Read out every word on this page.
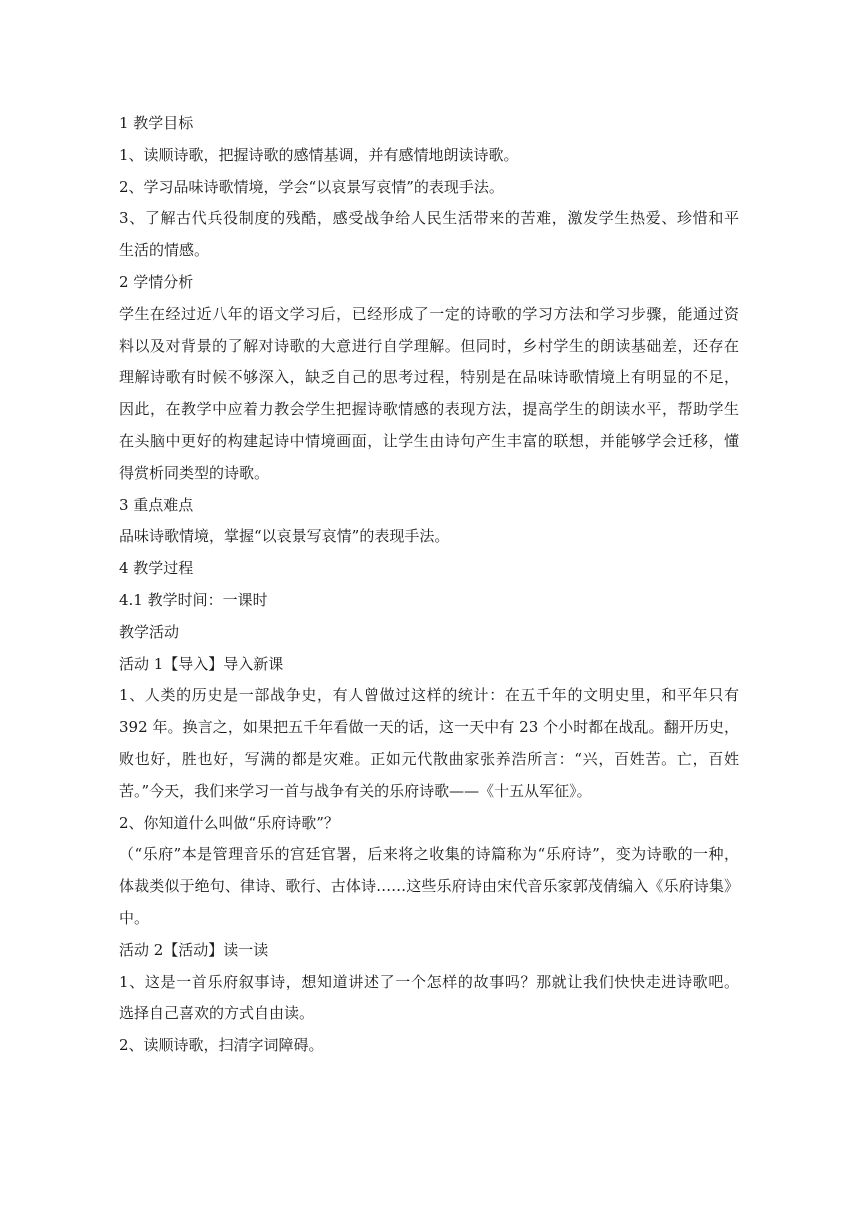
1 教学目标

1、读顺诗歌，把握诗歌的感情基调，并有感情地朗读诗歌。

2、学习品味诗歌情境，学会“以哀景写哀情”的表现手法。

3、了解古代兵役制度的残酷，感受战争给人民生活带来的苦难，激发学生热爱、珍惜和平

生活的情感。

2 学情分析

学生在经过近八年的语文学习后，已经形成了一定的诗歌的学习方法和学习步骤，能通过资

料以及对背景的了解对诗歌的大意进行自学理解。但同时，乡村学生的朗读基础差，还存在

理解诗歌有时候不够深入，缺乏自己的思考过程，特别是在品味诗歌情境上有明显的不足，

因此，在教学中应着力教会学生把握诗歌情感的表现方法，提高学生的朗读水平，帮助学生

在头脑中更好的构建起诗中情境画面，让学生由诗句产生丰富的联想，并能够学会迁移，懂

得赏析同类型的诗歌。

3 重点难点

品味诗歌情境，掌握“以哀景写哀情”的表现手法。

4 教学过程

4.1 教学时间：一课时

教学活动

活动 1【导入】导入新课

1、人类的历史是一部战争史，有人曾做过这样的统计：在五千年的文明史里，和平年只有

392 年。换言之，如果把五千年看做一天的话，这一天中有 23 个小时都在战乱。翻开历史，

败也好，胜也好，写满的都是灾难。正如元代散曲家张养浩所言：“兴，百姓苦。亡，百姓

苦。”今天，我们来学习一首与战争有关的乐府诗歌——《十五从军征》。

2、你知道什么叫做“乐府诗歌”？

（“乐府”本是管理音乐的宫廷官署，后来将之收集的诗篇称为“乐府诗”，变为诗歌的一种，

体裁类似于绝句、律诗、歌行、古体诗……这些乐府诗由宋代音乐家郭茂倩编入《乐府诗集》

中。

活动 2【活动】读一读

1、这是一首乐府叙事诗，想知道讲述了一个怎样的故事吗？那就让我们快快走进诗歌吧。

选择自己喜欢的方式自由读。

2、读顺诗歌，扫清字词障碍。
